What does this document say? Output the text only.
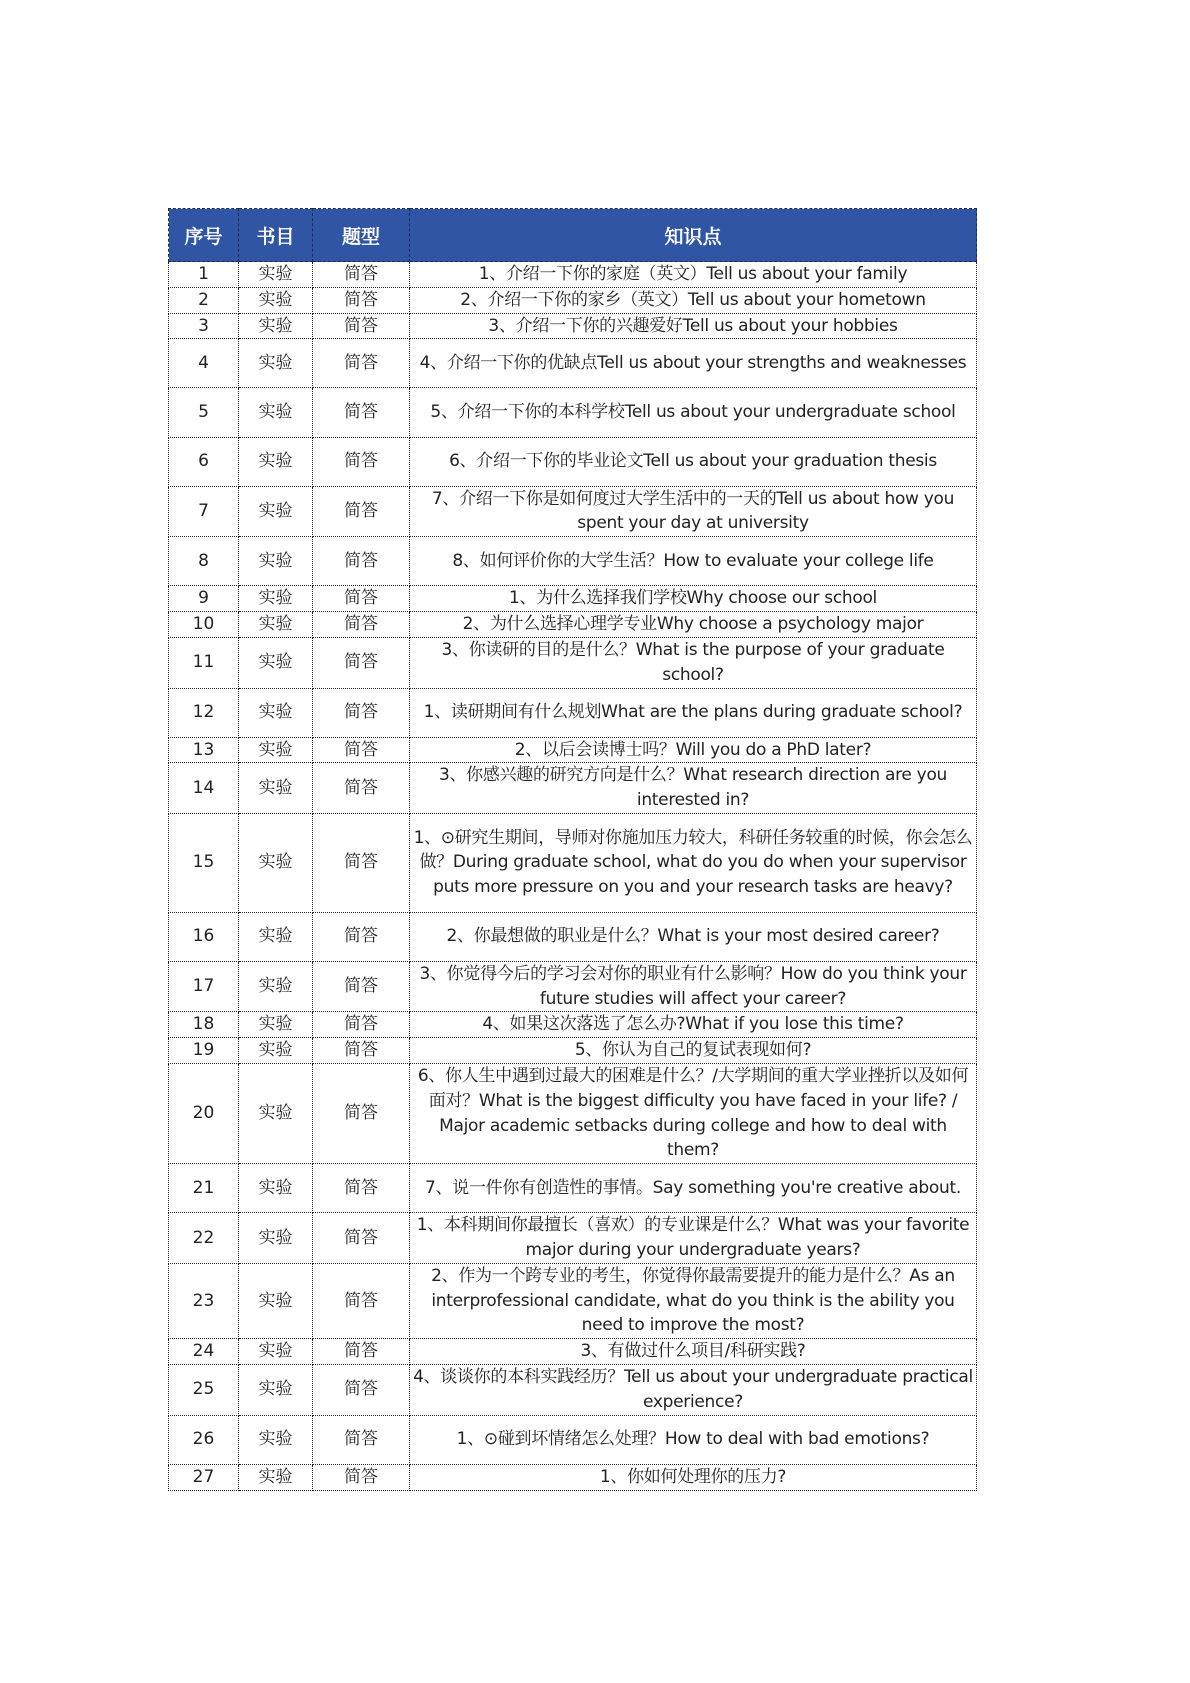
序号	书目	题型	知识点
1	实验	简答	1、介绍一下你的家庭（英文）Tell us about your family
2	实验	简答	2、介绍一下你的家乡（英文）Tell us about your hometown
3	实验	简答	3、介绍一下你的兴趣爱好Tell us about your hobbies
4	实验	简答	4、介绍一下你的优缺点Tell us about your strengths and weaknesses
5	实验	简答	5、介绍一下你的本科学校Tell us about your undergraduate school
6	实验	简答	6、介绍一下你的毕业论文Tell us about your graduation thesis
7	实验	简答	7、介绍一下你是如何度过大学生活中的一天的Tell us about how you spent your day at university
8	实验	简答	8、如何评价你的大学生活？How to evaluate your college life
9	实验	简答	1、为什么选择我们学校Why choose our school
10	实验	简答	2、为什么选择心理学专业Why choose a psychology major
11	实验	简答	3、你读研的目的是什么？What is the purpose of your graduate school?
12	实验	简答	1、读研期间有什么规划What are the plans during graduate school?
13	实验	简答	2、以后会读博士吗？Will you do a PhD later?
14	实验	简答	3、你感兴趣的研究方向是什么？What research direction are you interested in?
15	实验	简答	1、⊙研究生期间，导师对你施加压力较大，科研任务较重的时候，你会怎么做？During graduate school, what do you do when your supervisor puts more pressure on you and your research tasks are heavy?
16	实验	简答	2、你最想做的职业是什么？What is your most desired career?
17	实验	简答	3、你觉得今后的学习会对你的职业有什么影响？How do you think your future studies will affect your career?
18	实验	简答	4、如果这次落选了怎么办?What if you lose this time?
19	实验	简答	5、你认为自己的复试表现如何?
20	实验	简答	6、你人生中遇到过最大的困难是什么？/大学期间的重大学业挫折以及如何面对？What is the biggest difficulty you have faced in your life? / Major academic setbacks during college and how to deal with them?
21	实验	简答	7、说一件你有创造性的事情。Say something you're creative about.
22	实验	简答	1、本科期间你最擅长（喜欢）的专业课是什么？What was your favorite major during your undergraduate years?
23	实验	简答	2、作为一个跨专业的考生，你觉得你最需要提升的能力是什么？As an interprofessional candidate, what do you think is the ability you need to improve the most?
24	实验	简答	3、有做过什么项目/科研实践?
25	实验	简答	4、谈谈你的本科实践经历？Tell us about your undergraduate practical experience?
26	实验	简答	1、⊙碰到坏情绪怎么处理？How to deal with bad emotions?
27	实验	简答	1、你如何处理你的压力?
